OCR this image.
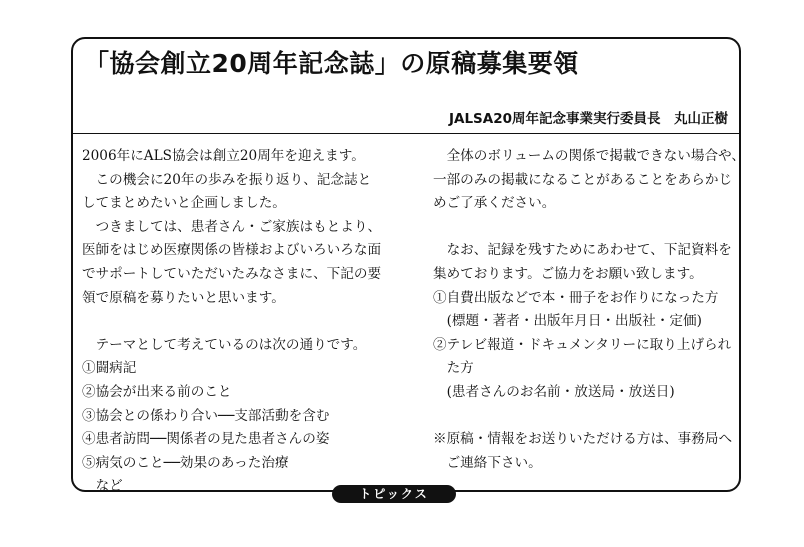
「協会創立20周年記念誌」の原稿募集要領
JALSA20周年記念事業実行委員長　丸山正樹

2006年にALS協会は創立20周年を迎えます。

　この機会に20年の歩みを振り返り、記念誌と

してまとめたいと企画しました。

　つきましては、患者さん・ご家族はもとより、

医師をはじめ医療関係の皆様およびいろいろな面

でサポートしていただいたみなさまに、下記の要

領で原稿を募りたいと思います。

　テーマとして考えているのは次の通りです。

①闘病記

②協会が出来る前のこと

③協会との係わり合い──支部活動を含む

④患者訪問──関係者の見た患者さんの姿

⑤病気のこと──効果のあった治療

　など

　全体のボリュームの関係で掲載できない場合や、

一部のみの掲載になることがあることをあらかじ

めご了承ください。

　なお、記録を残すためにあわせて、下記資料を

集めております。ご協力をお願い致します。

①自費出版などで本・冊子をお作りになった方

　(標題・著者・出版年月日・出版社・定価)

②テレビ報道・ドキュメンタリーに取り上げられ

　た方

　(患者さんのお名前・放送局・放送日)

※原稿・情報をお送りいただける方は、事務局へ

　ご連絡下さい。

トピックス
